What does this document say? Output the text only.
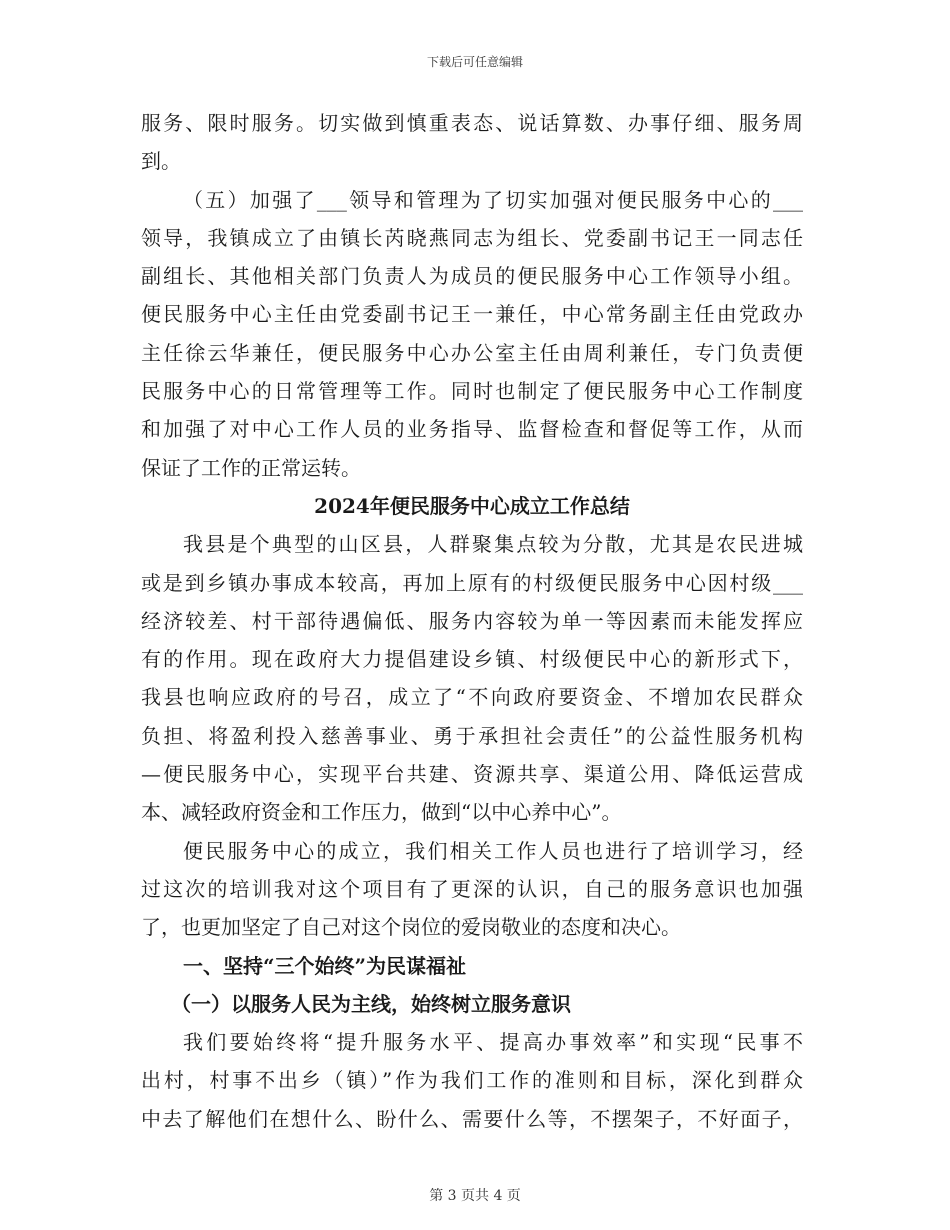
下载后可任意编辑
服务、限时服务。切实做到慎重表态、说话算数、办事仔细、服务周
到。
（五）加强了___领导和管理为了切实加强对便民服务中心的___
领导，我镇成立了由镇长芮晓燕同志为组长、党委副书记王一同志任
副组长、其他相关部门负责人为成员的便民服务中心工作领导小组。
便民服务中心主任由党委副书记王一兼任，中心常务副主任由党政办
主任徐云华兼任，便民服务中心办公室主任由周利兼任，专门负责便
民服务中心的日常管理等工作。同时也制定了便民服务中心工作制度
和加强了对中心工作人员的业务指导、监督检查和督促等工作，从而
保证了工作的正常运转。
2024年便民服务中心成立工作总结
我县是个典型的山区县，人群聚集点较为分散，尤其是农民进城
或是到乡镇办事成本较高，再加上原有的村级便民服务中心因村级___
经济较差、村干部待遇偏低、服务内容较为单一等因素而未能发挥应
有的作用。现在政府大力提倡建设乡镇、村级便民中心的新形式下，
我县也响应政府的号召，成立了“不向政府要资金、不增加农民群众
负担、将盈利投入慈善事业、勇于承担社会责任”的公益性服务机构
—便民服务中心，实现平台共建、资源共享、渠道公用、降低运营成
本、减轻政府资金和工作压力，做到“以中心养中心”。
便民服务中心的成立，我们相关工作人员也进行了培训学习，经
过这次的培训我对这个项目有了更深的认识，自己的服务意识也加强
了，也更加坚定了自己对这个岗位的爱岗敬业的态度和决心。
一、坚持“三个始终”为民谋福祉
（一）以服务人民为主线，始终树立服务意识
我们要始终将“提升服务水平、提高办事效率”和实现“民事不
出村，村事不出乡（镇）”作为我们工作的准则和目标，深化到群众
中去了解他们在想什么、盼什么、需要什么等，不摆架子，不好面子，
第 3 页共 4 页
